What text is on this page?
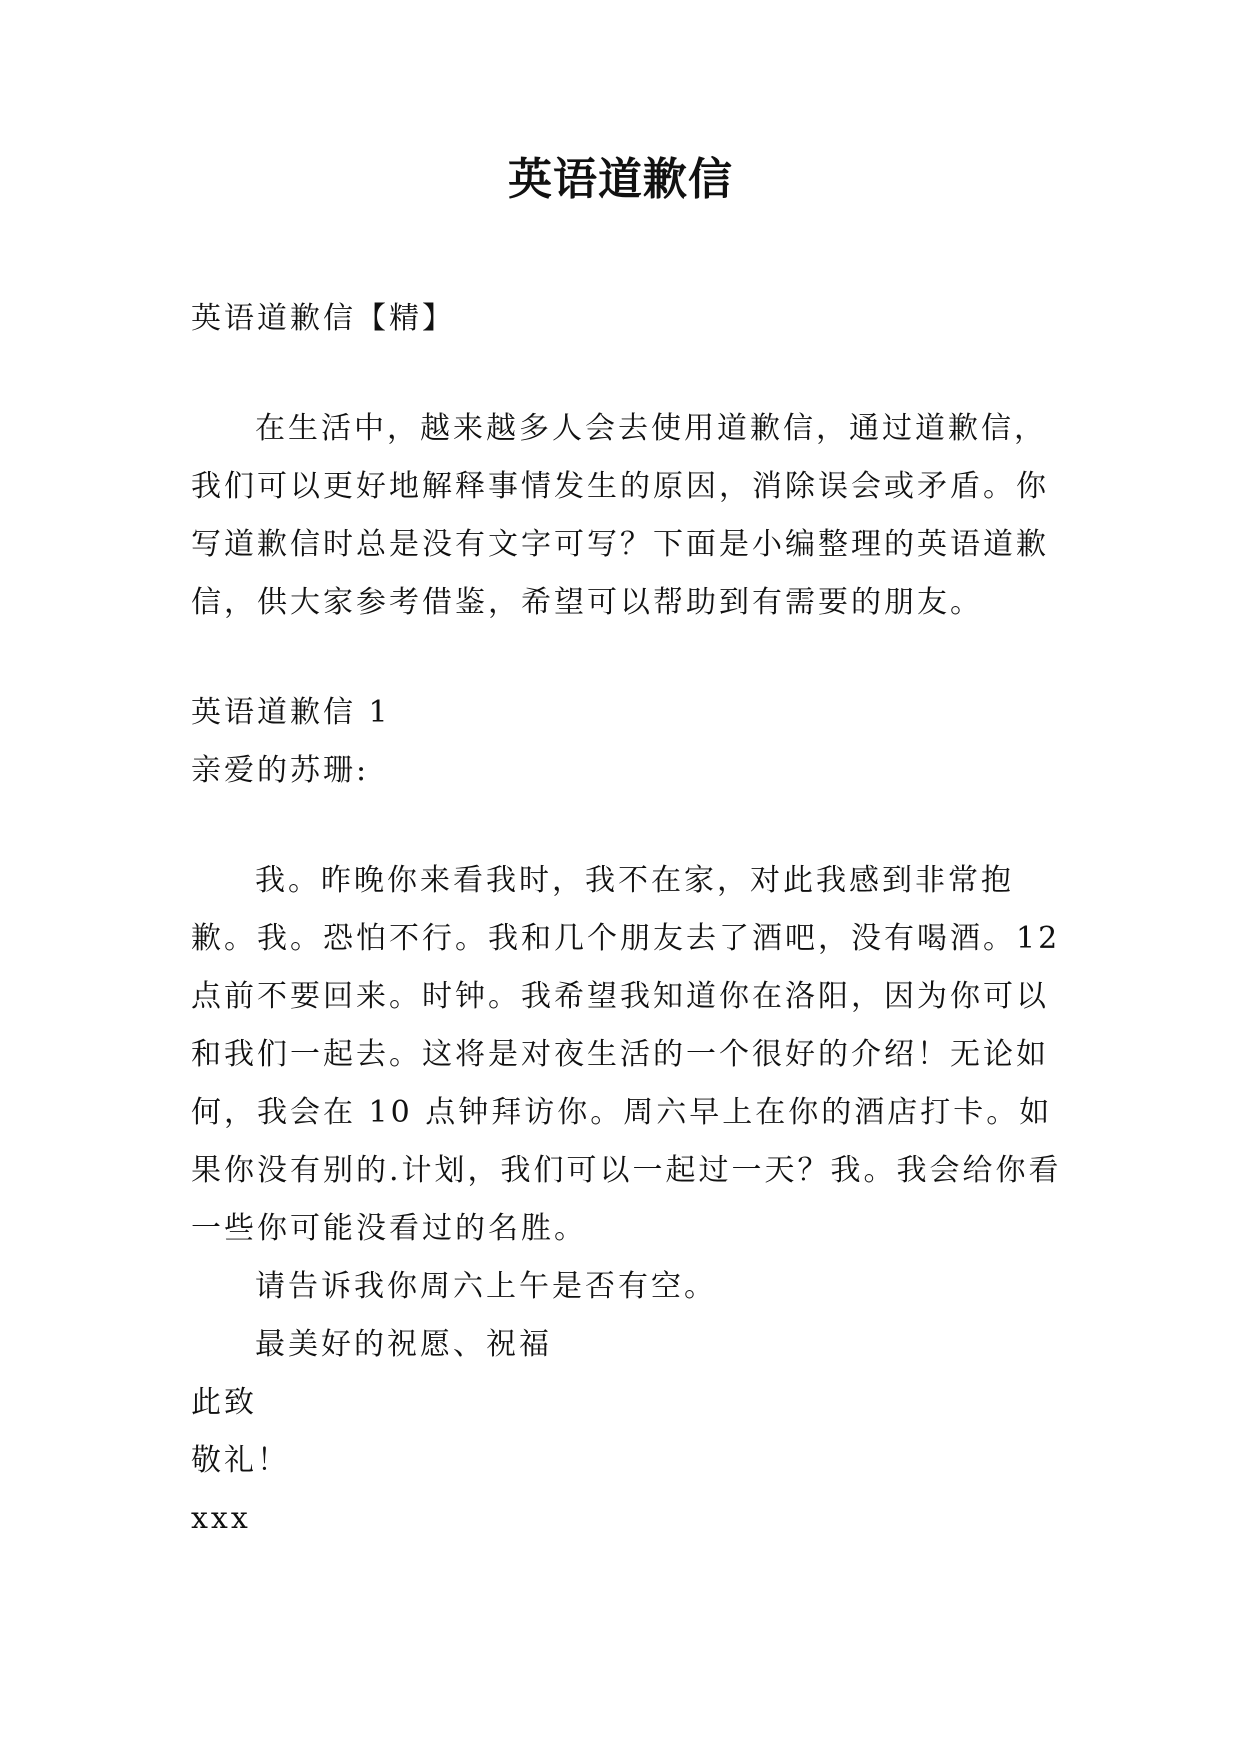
英语道歉信

英语道歉信【精】

在生活中，越来越多人会去使用道歉信，通过道歉信，我们可以更好地解释事情发生的原因，消除误会或矛盾。你写道歉信时总是没有文字可写？下面是小编整理的英语道歉信，供大家参考借鉴，希望可以帮助到有需要的朋友。

英语道歉信 1

亲爱的苏珊:

我。昨晚你来看我时，我不在家，对此我感到非常抱歉。我。恐怕不行。我和几个朋友去了酒吧，没有喝酒。12 点前不要回来。时钟。我希望我知道你在洛阳，因为你可以和我们一起去。这将是对夜生活的一个很好的介绍！无论如何，我会在 10 点钟拜访你。周六早上在你的酒店打卡。如果你没有别的.计划，我们可以一起过一天？我。我会给你看一些你可能没看过的名胜。

请告诉我你周六上午是否有空。

最美好的祝愿、祝福

此致

敬礼！

xxx
